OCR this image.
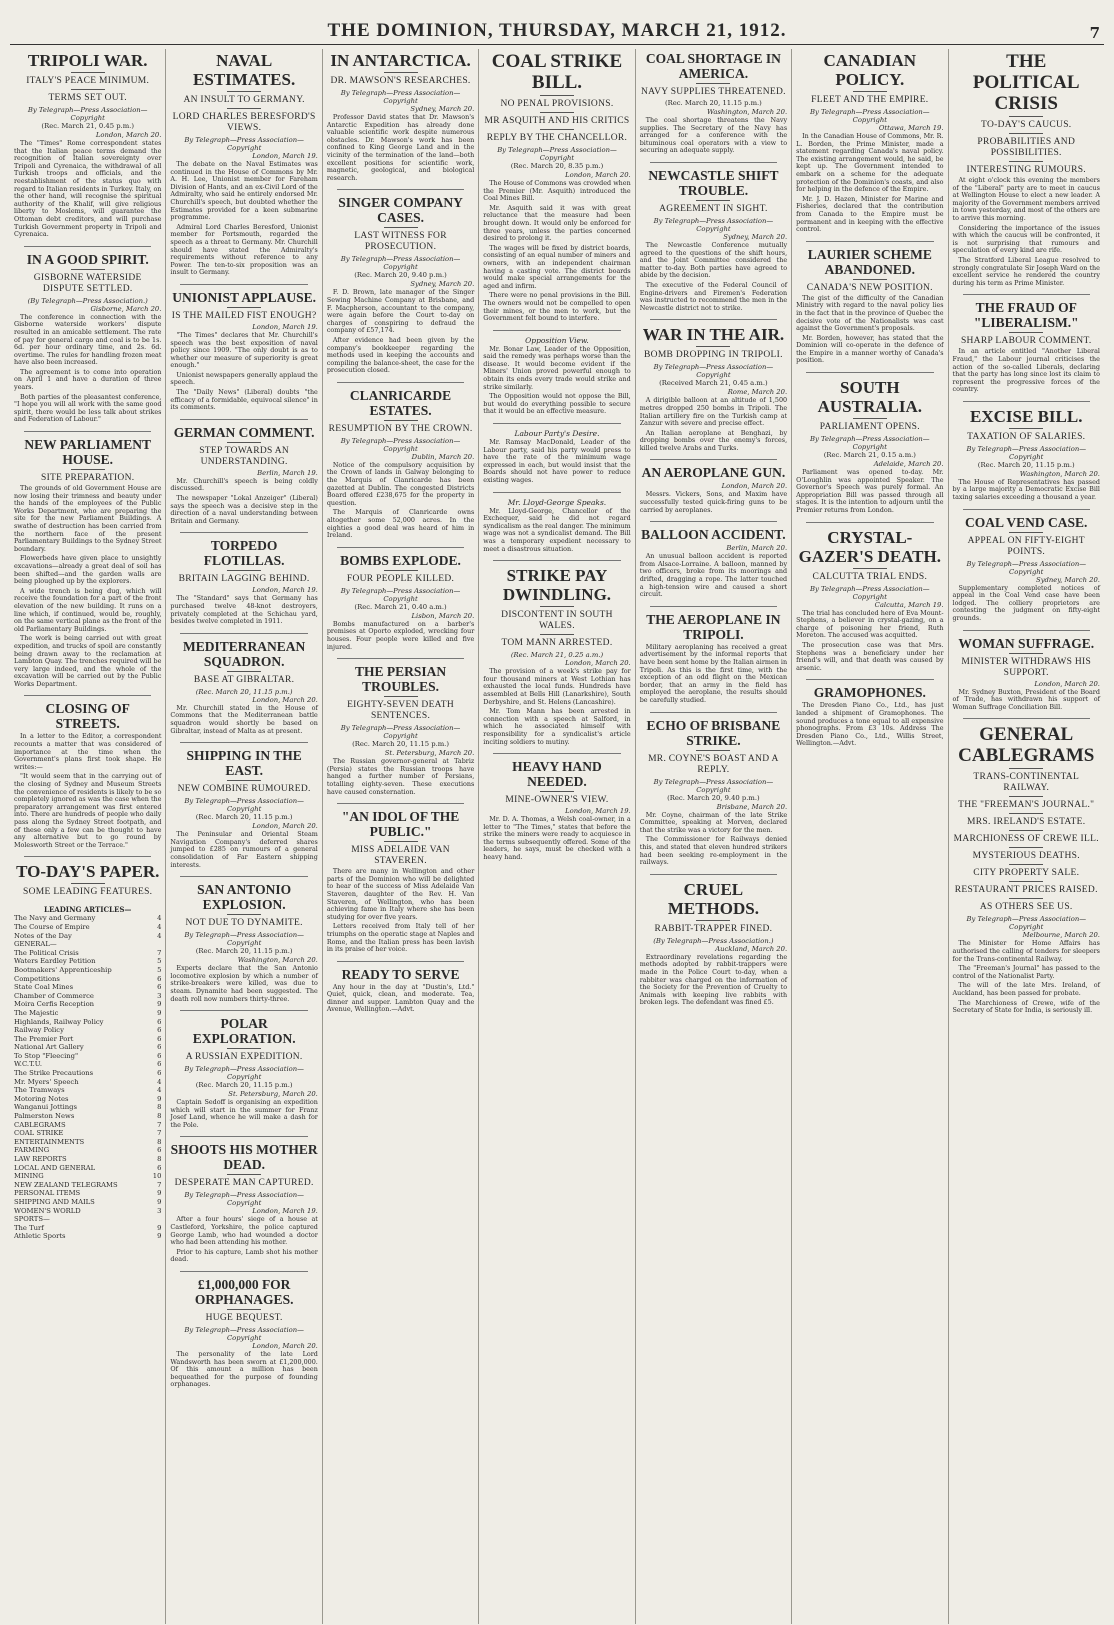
THE DOMINION, THURSDAY, MARCH 21, 1912.	7
TRIPOLI WAR.
ITALY'S PEACE MINIMUM.
TERMS SET OUT.
By Telegraph—Press Association—Copyright
(Rec. March 21, 0.45 p.m.)
London, March 20.

The "Times" Rome correspondent states that the Italian peace terms demand the recognition of Italian sovereignty over Tripoli and Cyrenaica, the withdrawal of all Turkish troops and officials, and the reestablishment of the status quo with regard to Italian residents in Turkey. Italy, on the other hand, will recognise the spiritual authority of the Khalif, will give religious liberty to Moslems, will guarantee the Ottoman debt creditors, and will purchase Turkish Government property in Tripoli and Cyrenaica.

IN A GOOD SPIRIT.
GISBORNE WATERSIDE DISPUTE SETTLED.
(By Telegraph—Press Association.)
Gisborne, March 20.

The conference in connection with the Gisborne waterside workers' dispute resulted in an amicable settlement. The rate of pay for general cargo and coal is to be 1s. 6d. per hour ordinary time, and 2s. 6d. overtime. The rules for handling frozen meat have also been increased.

The agreement is to come into operation on April 1 and have a duration of three years.

Both parties of the pleasantest conference, "I hope you will all work with the same good spirit, there would be less talk about strikes and Federation of Labour."

NEW PARLIAMENT HOUSE.
SITE PREPARATION.

The grounds of old Government House are now losing their trimness and beauty under the hands of the employees of the Public Works Department, who are preparing the site for the new Parliament Buildings. A swathe of destruction has been carried from the northern face of the present Parliamentary Buildings to the Sydney Street boundary.

Flowerbeds have given place to unsightly excavations—already a great deal of soil has been shifted—and the garden walls are being ploughed up by the explorers.

A wide trench is being dug, which will receive the foundation for a part of the front elevation of the new building. It runs on a line which, if continued, would be, roughly, on the same vertical plane as the front of the old Parliamentary Buildings.

The work is being carried out with great expedition, and trucks of spoil are constantly being drawn away to the reclamation at Lambton Quay. The trenches required will be very large indeed, and the whole of the excavation will be carried out by the Public Works Department.

CLOSING OF STREETS.

In a letter to the Editor, a correspondent recounts a matter that was considered of importance at the time when the Government's plans first took shape. He writes:—

"It would seem that in the carrying out of the closing of Sydney and Museum Streets the convenience of residents is likely to be so completely ignored as was the case when the preparatory arrangement was first entered into. There are hundreds of people who daily pass along the Sydney Street footpath, and of these only a few can be thought to have any alternative but to go round by Molesworth Street or the Terrace."

TO-DAY'S PAPER.
SOME LEADING FEATURES.
LEADING ARTICLES—
The Navy and Germany	4
The Course of Empire	4
Notes of the Day	4
GENERAL—
The Political Crisis	7
Waters Eardley Petition	5
Bootmakers' Apprenticeship	5
Competitions	6
State Coal Mines	6
Chamber of Commerce	3
Moira Cerfis Reception	9
The Majestic	9
Highlands, Railway Policy	6
Railway Policy	6
The Premier Port	6
National Art Gallery	6
To Stop "Fleecing"	6
W.C.T.U.	6
The Strike Precautions	6
Mr. Myers' Speech	4
The Tramways	4
Motoring Notes	9
Wanganui Jottings	8
Palmerston News	8
CABLEGRAMS	7
COAL STRIKE	7
ENTERTAINMENTS	8
FARMING	6
LAW REPORTS	8
LOCAL AND GENERAL	6
MINING	10
NEW ZEALAND TELEGRAMS	7
PERSONAL ITEMS	9
SHIPPING AND MAILS	9
WOMEN'S WORLD	3
SPORTS—
The Turf	9
Athletic Sports	9
NAVAL ESTIMATES.
AN INSULT TO GERMANY.
LORD CHARLES BERESFORD'S VIEWS.
By Telegraph—Press Association—Copyright
London, March 19.

The debate on the Naval Estimates was continued in the House of Commons by Mr. A. H. Lee, Unionist member for Fareham Division of Hants, and an ex-Civil Lord of the Admiralty, who said he entirely endorsed Mr. Churchill's speech, but doubted whether the Estimates provided for a keen submarine programme.

Admiral Lord Charles Beresford, Unionist member for Portsmouth, regarded the speech as a threat to Germany. Mr. Churchill should have stated the Admiralty's requirements without reference to any Power. The ten-to-six proposition was an insult to Germany.

UNIONIST APPLAUSE.
IS THE MAILED FIST ENOUGH?
London, March 19.

"The Times" declares that Mr. Churchill's speech was the best exposition of naval policy since 1909. "The only doubt is as to whether our measure of superiority is great enough."

Unionist newspapers generally applaud the speech.

The "Daily News" (Liberal) doubts "the efficacy of a formidable, equivocal silence" in its comments.

GERMAN COMMENT.
STEP TOWARDS AN UNDERSTANDING.
Berlin, March 19.

Mr. Churchill's speech is being coldly discussed.

The newspaper "Lokal Anzeiger" (Liberal) says the speech was a decisive step in the direction of a naval understanding between Britain and Germany.

TORPEDO FLOTILLAS.
BRITAIN LAGGING BEHIND.
London, March 19.

The "Standard" says that Germany has purchased twelve 48-knot destroyers, privately completed at the Schichau yard, besides twelve completed in 1911.

MEDITERRANEAN SQUADRON.
BASE AT GIBRALTAR.
(Rec. March 20, 11.15 p.m.)
London, March 20.

Mr. Churchill stated in the House of Commons that the Mediterranean battle squadron would shortly be based on Gibraltar, instead of Malta as at present.

SHIPPING IN THE EAST.
NEW COMBINE RUMOURED.
By Telegraph—Press Association—Copyright
(Rec. March 20, 11.15 p.m.)
London, March 20.

The Peninsular and Oriental Steam Navigation Company's deferred shares jumped to £285 on rumours of a general consolidation of Far Eastern shipping interests.

SAN ANTONIO EXPLOSION.
NOT DUE TO DYNAMITE.
By Telegraph—Press Association—Copyright
(Rec. March 20, 11.15 p.m.)
Washington, March 20.

Experts declare that the San Antonio locomotive explosion by which a number of strike-breakers were killed, was due to steam. Dynamite had been suggested. The death roll now numbers thirty-three.

POLAR EXPLORATION.
A RUSSIAN EXPEDITION.
By Telegraph—Press Association—Copyright
(Rec. March 20, 11.15 p.m.)
St. Petersburg, March 20.

Captain Sedoff is organising an expedition which will start in the summer for Franz Josef Land, whence he will make a dash for the Pole.

SHOOTS HIS MOTHER DEAD.
DESPERATE MAN CAPTURED.
By Telegraph—Press Association—Copyright
London, March 19.

After a four hours' siege of a house at Castleford, Yorkshire, the police captured George Lamb, who had wounded a doctor who had been attending his mother.

Prior to his capture, Lamb shot his mother dead.

£1,000,000 FOR ORPHANAGES.
HUGE BEQUEST.
By Telegraph—Press Association—Copyright
London, March 20.

The personality of the late Lord Wandsworth has been sworn at £1,200,000. Of this amount a million has been bequeathed for the purpose of founding orphanages.

IN ANTARCTICA.
DR. MAWSON'S RESEARCHES.
By Telegraph—Press Association—Copyright
Sydney, March 20.

Professor David states that Dr. Mawson's Antarctic Expedition has already done valuable scientific work despite numerous obstacles. Dr. Mawson's work has been confined to King George Land and in the vicinity of the termination of the land—both excellent positions for scientific work, magnetic, geological, and biological research.

SINGER COMPANY CASES.
LAST WITNESS FOR PROSECUTION.
By Telegraph—Press Association—Copyright
(Rec. March 20, 9.40 p.m.)
Sydney, March 20.

F. D. Brown, late manager of the Singer Sewing Machine Company at Brisbane, and F. Macpherson, accountant to the company, were again before the Court to-day on charges of conspiring to defraud the company of £57,174.

After evidence had been given by the company's bookkeeper regarding the methods used in keeping the accounts and compiling the balance-sheet, the case for the prosecution closed.

CLANRICARDE ESTATES.
RESUMPTION BY THE CROWN.
By Telegraph—Press Association—Copyright
Dublin, March 20.

Notice of the compulsory acquisition by the Crown of lands in Galway belonging to the Marquis of Clanricarde has been gazetted at Dublin. The congested Districts Board offered £238,675 for the property in question.

The Marquis of Clanricarde owns altogether some 52,000 acres. In the eighties a good deal was heard of him in Ireland.

BOMBS EXPLODE.
FOUR PEOPLE KILLED.
By Telegraph—Press Association—Copyright
(Rec. March 21, 0.40 a.m.)
Lisbon, March 20.

Bombs manufactured on a barber's premises at Oporto exploded, wrecking four houses. Four people were killed and five injured.

THE PERSIAN TROUBLES.
EIGHTY-SEVEN DEATH SENTENCES.
By Telegraph—Press Association—Copyright
(Rec. March 20, 11.15 p.m.)
St. Petersburg, March 20.

The Russian governor-general at Tabriz (Persia) states the Russian troops have hanged a further number of Persians, totalling eighty-seven. These executions have caused consternation.

"AN IDOL OF THE PUBLIC."
MISS ADELAIDE VAN STAVEREN.

There are many in Wellington and other parts of the Dominion who will be delighted to hear of the success of Miss Adelaide Van Staveren, daughter of the Rev. H. Van Staveren, of Wellington, who has been achieving fame in Italy where she has been studying for over five years.

Letters received from Italy tell of her triumphs on the operatic stage at Naples and Rome, and the Italian press has been lavish in its praise of her voice.

READY TO SERVE

Any hour in the day at "Dustin's, Ltd." Quiet, quick, clean, and moderate. Tea, dinner and supper. Lambton Quay and the Avenue, Wellington.—Advt.

COAL STRIKE BILL.
NO PENAL PROVISIONS.
MR ASQUITH AND HIS CRITICS
REPLY BY THE CHANCELLOR.
By Telegraph—Press Association—Copyright
(Rec. March 20, 8.35 p.m.)
London, March 20.

The House of Commons was crowded when the Premier (Mr. Asquith) introduced the Coal Mines Bill.

Mr. Asquith said it was with great reluctance that the measure had been brought down. It would only be enforced for three years, unless the parties concerned desired to prolong it.

The wages will be fixed by district boards, consisting of an equal number of miners and owners, with an independent chairman having a casting vote. The district boards would make special arrangements for the aged and infirm.

There were no penal provisions in the Bill. The owners would not be compelled to open their mines, or the men to work, but the Government felt bound to interfere.

Opposition View.

Mr. Bonar Law, Leader of the Opposition, said the remedy was perhaps worse than the disease. It would become evident if the Miners' Union proved powerful enough to obtain its ends every trade would strike and strike similarly.

The Opposition would not oppose the Bill, but would do everything possible to secure that it would be an effective measure.

Labour Party's Desire.

Mr. Ramsay MacDonald, Leader of the Labour party, said his party would press to have the rate of the minimum wage expressed in each, but would insist that the Boards should not have power to reduce existing wages.

Mr. Lloyd-George Speaks.

Mr. Lloyd-George, Chancellor of the Exchequer, said he did not regard syndicalism as the real danger. The minimum wage was not a syndicalist demand. The Bill was a temporary expedient necessary to meet a disastrous situation.

STRIKE PAY DWINDLING.
DISCONTENT IN SOUTH WALES.
TOM MANN ARRESTED.
(Rec. March 21, 0.25 a.m.)
London, March 20.

The provision of a week's strike pay for four thousand miners at West Lothian has exhausted the local funds. Hundreds have assembled at Bells Hill (Lanarkshire), South Derbyshire, and St. Helens (Lancashire).

Mr. Tom Mann has been arrested in connection with a speech at Salford, in which he associated himself with responsibility for a syndicalist's article inciting soldiers to mutiny.

HEAVY HAND NEEDED.
MINE-OWNER'S VIEW.
London, March 19.

Mr. D. A. Thomas, a Welsh coal-owner, in a letter to "The Times," states that before the strike the miners were ready to acquiesce in the terms subsequently offered. Some of the leaders, he says, must be checked with a heavy hand.

COAL SHORTAGE IN AMERICA.
NAVY SUPPLIES THREATENED.
(Rec. March 20, 11.15 p.m.)
Washington, March 20.

The coal shortage threatens the Navy supplies. The Secretary of the Navy has arranged for a conference with the bituminous coal operators with a view to securing an adequate supply.

NEWCASTLE SHIFT TROUBLE.
AGREEMENT IN SIGHT.
By Telegraph—Press Association—Copyright
Sydney, March 20.

The Newcastle Conference mutually agreed to the questions of the shift hours, and the Joint Committee considered the matter to-day. Both parties have agreed to abide by the decision.

The executive of the Federal Council of Engine-drivers and Firemen's Federation was instructed to recommend the men in the Newcastle district not to strike.

WAR IN THE AIR.
BOMB DROPPING IN TRIPOLI.
By Telegraph—Press Association—Copyright
(Received March 21, 0.45 a.m.)
Rome, March 20.

A dirigible balloon at an altitude of 1,500 metres dropped 250 bombs in Tripoli. The Italian artillery fire on the Turkish camp at Zanzur with severe and precise effect.

An Italian aeroplane at Benghazi, by dropping bombs over the enemy's forces, killed twelve Arabs and Turks.

AN AEROPLANE GUN.
London, March 20.

Messrs. Vickers, Sons, and Maxim have successfully tested quick-firing guns to be carried by aeroplanes.

BALLOON ACCIDENT.
Berlin, March 20.

An unusual balloon accident is reported from Alsace-Lorraine. A balloon, manned by two officers, broke from its moorings and drifted, dragging a rope. The latter touched a high-tension wire and caused a short circuit.

THE AEROPLANE IN TRIPOLI.

Military aeroplaning has received a great advertisement by the informal reports that have been sent home by the Italian airmen in Tripoli. As this is the first time, with the exception of an odd flight on the Mexican border, that an army in the field has employed the aeroplane, the results should be carefully studied.

ECHO OF BRISBANE STRIKE.
MR. COYNE'S BOAST AND A REPLY.
By Telegraph—Press Association—Copyright
(Rec. March 20, 9.40 p.m.)
Brisbane, March 20.

Mr. Coyne, chairman of the late Strike Committee, speaking at Morven, declared that the strike was a victory for the men.

The Commissioner for Railways denied this, and stated that eleven hundred strikers had been seeking re-employment in the railways.

CRUEL METHODS.
RABBIT-TRAPPER FINED.
(By Telegraph—Press Association.)
Auckland, March 20.

Extraordinary revelations regarding the methods adopted by rabbit-trappers were made in the Police Court to-day, when a rabbiter was charged on the information of the Society for the Prevention of Cruelty to Animals with keeping live rabbits with broken legs. The defendant was fined £5.

CANADIAN POLICY.
FLEET AND THE EMPIRE.
By Telegraph—Press Association—Copyright
Ottawa, March 19.

In the Canadian House of Commons, Mr. R. L. Borden, the Prime Minister, made a statement regarding Canada's naval policy. The existing arrangement would, he said, be kept up. The Government intended to embark on a scheme for the adequate protection of the Dominion's coasts, and also for helping in the defence of the Empire.

Mr. J. D. Hazen, Minister for Marine and Fisheries, declared that the contribution from Canada to the Empire must be permanent and in keeping with the effective control.

LAURIER SCHEME ABANDONED.
CANADA'S NEW POSITION.

The gist of the difficulty of the Canadian Ministry with regard to the naval policy lies in the fact that in the province of Quebec the decisive vote of the Nationalists was cast against the Government's proposals.

Mr. Borden, however, has stated that the Dominion will co-operate in the defence of the Empire in a manner worthy of Canada's position.

SOUTH AUSTRALIA.
PARLIAMENT OPENS.
By Telegraph—Press Association—Copyright
(Rec. March 21, 0.15 a.m.)
Adelaide, March 20.

Parliament was opened to-day. Mr. O'Loughlin was appointed Speaker. The Governor's Speech was purely formal. An Appropriation Bill was passed through all stages. It is the intention to adjourn until the Premier returns from London.

CRYSTAL-GAZER'S DEATH.
CALCUTTA TRIAL ENDS.
By Telegraph—Press Association—Copyright
Calcutta, March 19.

The trial has concluded here of Eva Mount-Stephens, a believer in crystal-gazing, on a charge of poisoning her friend, Ruth Moreton. The accused was acquitted.

The prosecution case was that Mrs. Stephens was a beneficiary under her friend's will, and that death was caused by arsenic.

GRAMOPHONES.

The Dresden Piano Co., Ltd., has just landed a shipment of Gramophones. The sound produces a tone equal to all expensive phonographs. From £3 10s. Address The Dresden Piano Co., Ltd., Willis Street, Wellington.—Advt.

THE POLITICAL CRISIS
TO-DAY'S CAUCUS.
PROBABILITIES AND POSSIBILITIES.
INTERESTING RUMOURS.

At eight o'clock this evening the members of the "Liberal" party are to meet in caucus at Wellington House to elect a new leader. A majority of the Government members arrived in town yesterday, and most of the others are to arrive this morning.

Considering the importance of the issues with which the caucus will be confronted, it is not surprising that rumours and speculation of every kind are rife.

The Stratford Liberal League resolved to strongly congratulate Sir Joseph Ward on the excellent service he rendered the country during his term as Prime Minister.

THE FRAUD OF "LIBERALISM."
SHARP LABOUR COMMENT.

In an article entitled "Another Liberal Fraud," the Labour journal criticises the action of the so-called Liberals, declaring that the party has long since lost its claim to represent the progressive forces of the country.

EXCISE BILL.
TAXATION OF SALARIES.
By Telegraph—Press Association—Copyright
(Rec. March 20, 11.15 p.m.)
Washington, March 20.

The House of Representatives has passed by a large majority a Democratic Excise Bill taxing salaries exceeding a thousand a year.

COAL VEND CASE.
APPEAL ON FIFTY-EIGHT POINTS.
By Telegraph—Press Association—Copyright
Sydney, March 20.

Supplementary completed notices of appeal in the Coal Vend case have been lodged. The colliery proprietors are contesting the judgment on fifty-eight grounds.

WOMAN SUFFRAGE.
MINISTER WITHDRAWS HIS SUPPORT.
London, March 20.

Mr. Sydney Buxton, President of the Board of Trade, has withdrawn his support of Woman Suffrage Conciliation Bill.

GENERAL CABLEGRAMS
TRANS-CONTINENTAL RAILWAY.
THE "FREEMAN'S JOURNAL."
MRS. IRELAND'S ESTATE.
MARCHIONESS OF CREWE ILL.
MYSTERIOUS DEATHS.
CITY PROPERTY SALE.
RESTAURANT PRICES RAISED.
AS OTHERS SEE US.
By Telegraph—Press Association—Copyright
Melbourne, March 20.

The Minister for Home Affairs has authorised the calling of tenders for sleepers for the Trans-continental Railway.

The "Freeman's Journal" has passed to the control of the Nationalist Party.

The will of the late Mrs. Ireland, of Auckland, has been passed for probate.

The Marchioness of Crewe, wife of the Secretary of State for India, is seriously ill.
